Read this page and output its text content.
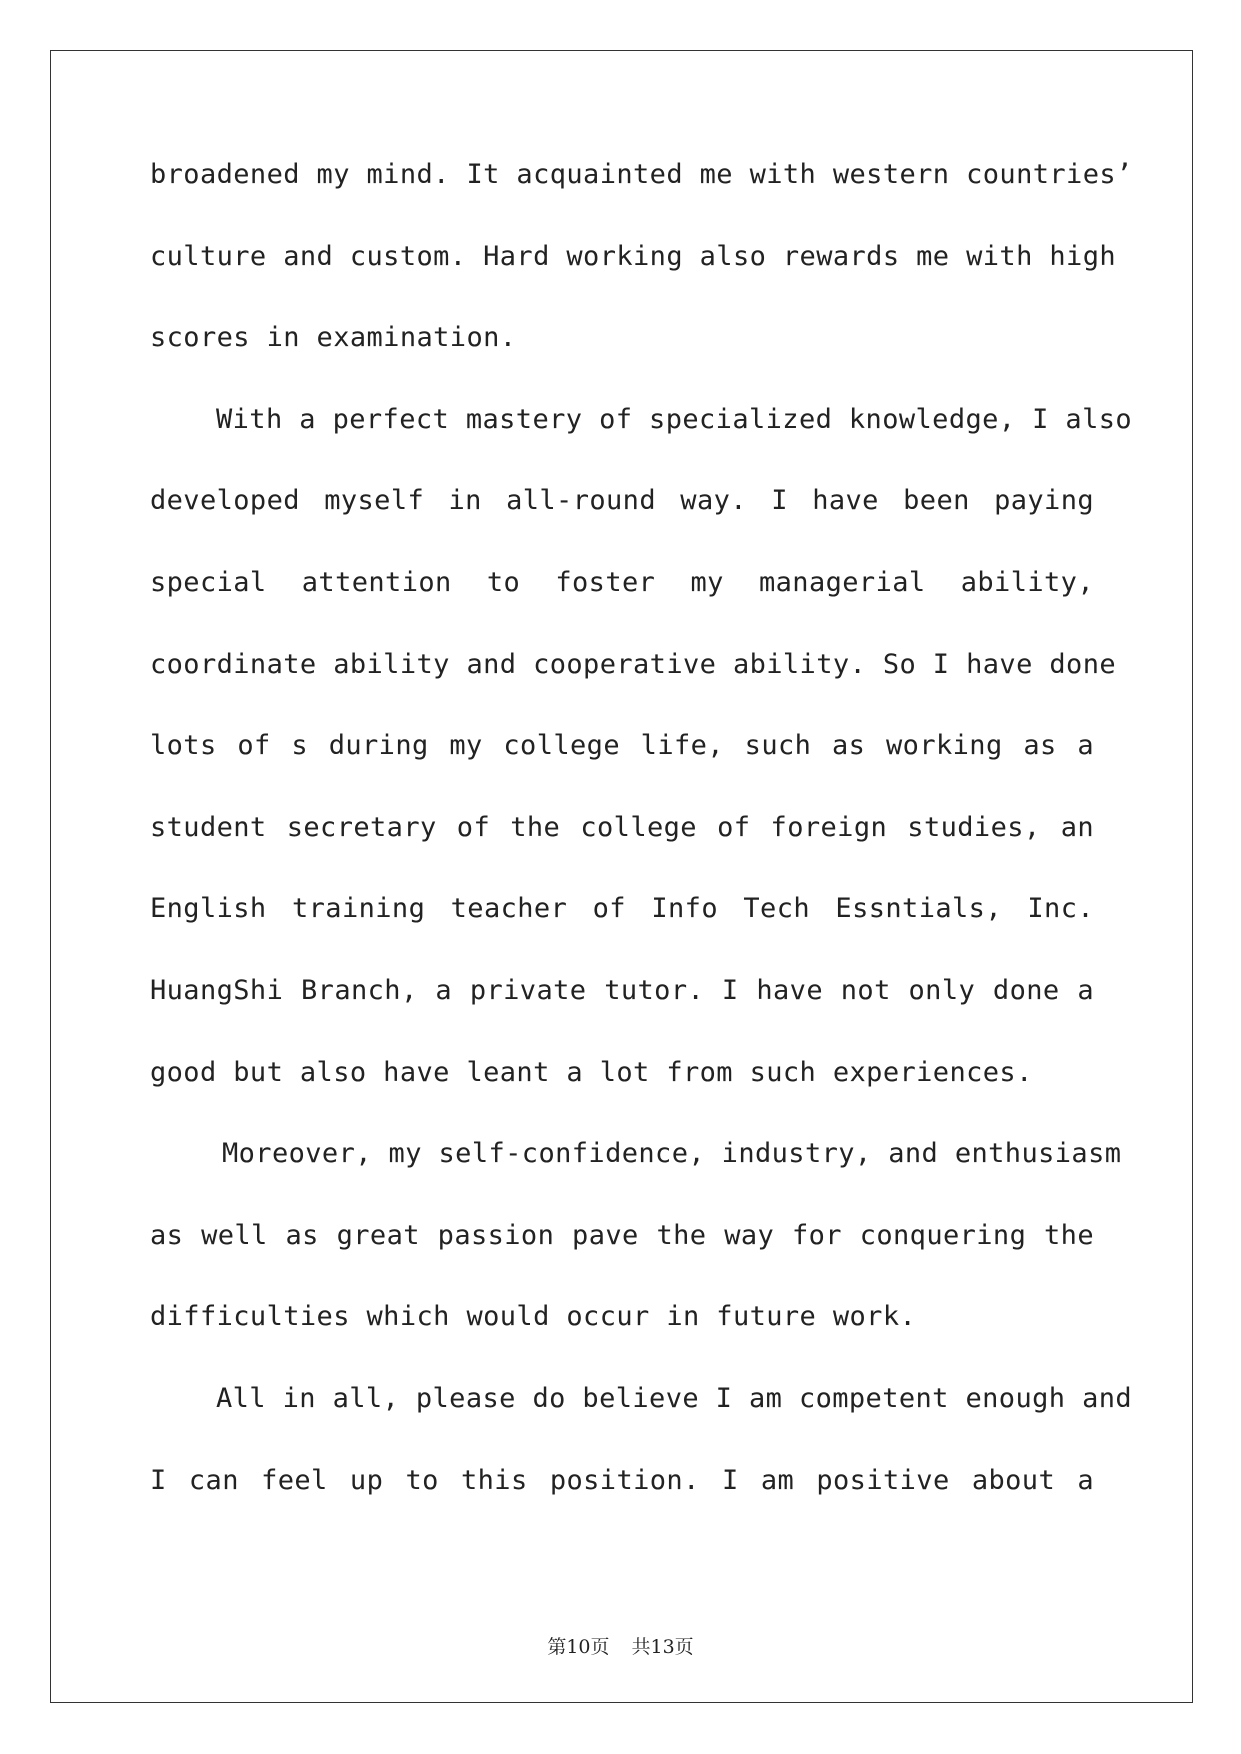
broadened my mind. It acquainted me with western countries’
culture and custom. Hard working also rewards me with high
scores in examination.
With a perfect mastery of specialized knowledge, I also
developed myself in all-round way. I have been paying
special attention to foster my managerial ability,
coordinate ability and cooperative ability. So I have done
lots of s during my college life, such as working as a
student secretary of the college of foreign studies, an
English training teacher of Info Tech Essntials, Inc.
HuangShi Branch, a private tutor. I have not only done a
good but also have leant a lot from such experiences.
Moreover, my self-confidence, industry, and enthusiasm
as well as great passion pave the way for conquering the
difficulties which would occur in future work.
All in all, please do believe I am competent enough and
I can feel up to this position. I am positive about a
第10页 共13页
